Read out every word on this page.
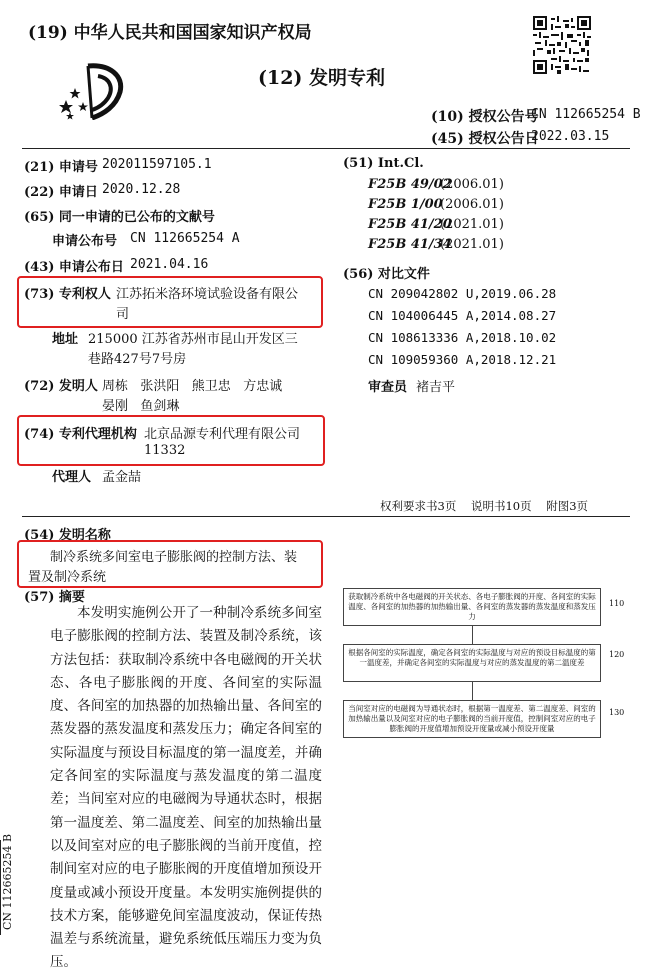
(19) 中华人民共和国国家知识产权局
(12) 发明专利
(10) 授权公告号
CN 112665254 B
(45) 授权公告日
2022.03.15
(21) 申请号 202011597105.1
(22) 申请日 2020.12.28
(65) 同一申请的已公布的文献号
申请公布号 CN 112665254 A
(43) 申请公布日 2021.04.16
(73) 专利权人 江苏拓米洛环境试验设备有限公
司
地址 215000 江苏省苏州市昆山开发区三
巷路427号7号房
(72) 发明人 周栋   张洪阳   熊卫忠   方忠诚
晏刚   鱼剑琳
(74) 专利代理机构 北京品源专利代理有限公司
11332
代理人 孟金喆
(51) Int.Cl.
F25B 49/02
(2006.01)
F25B 1/00
(2006.01)
F25B 41/20
(2021.01)
F25B 41/34
(2021.01)
(56) 对比文件
CN 209042802 U,2019.06.28
CN 104006445 A,2014.08.27
CN 108613336 A,2018.10.02
CN 109059360 A,2018.12.21
审查员 褚吉平
权利要求书3页    说明书10页    附图3页
(54) 发明名称
制冷系统多间室电子膨胀阀的控制方法、装
置及制冷系统
(57) 摘要
本发明实施例公开了一种制冷系统多间室电子膨胀阀的控制方法、装置及制冷系统，该方法包括：获取制冷系统中各电磁阀的开关状态、各电子膨胀阀的开度、各间室的实际温度、各间室的加热器的加热输出量、各间室的蒸发器的蒸发温度和蒸发压力；确定各间室的实际温度与预设目标温度的第一温度差，并确定各间室的实际温度与蒸发温度的第二温度差；当间室对应的电磁阀为导通状态时，根据第一温度差、第二温度差、间室的加热输出量以及间室对应的电子膨胀阀的当前开度值，控制间室对应的电子膨胀阀的开度值增加预设开度量或减小预设开度量。本发明实施例提供的技术方案，能够避免间室温度波动，保证传热温差与系统流量，避免系统低压端压力变为负压。
获取制冷系统中各电磁阀的开关状态、各电子膨胀阀的开度、各间室的实际温度、各间室的加热器的加热输出量、各间室的蒸发器的蒸发温度和蒸发压力
110
根据各间室的实际温度，确定各间室的实际温度与对应的预设目标温度的第一温度差，并确定各间室的实际温度与对应的蒸发温度的第二温度差
120
当间室对应的电磁阀为导通状态时，根据第一温度差、第二温度差、间室的加热输出量以及间室对应的电子膨胀阀的当前开度值，控制间室对应的电子膨胀阀的开度值增加预设开度量或减小预设开度量
130
CN 112665254 B
